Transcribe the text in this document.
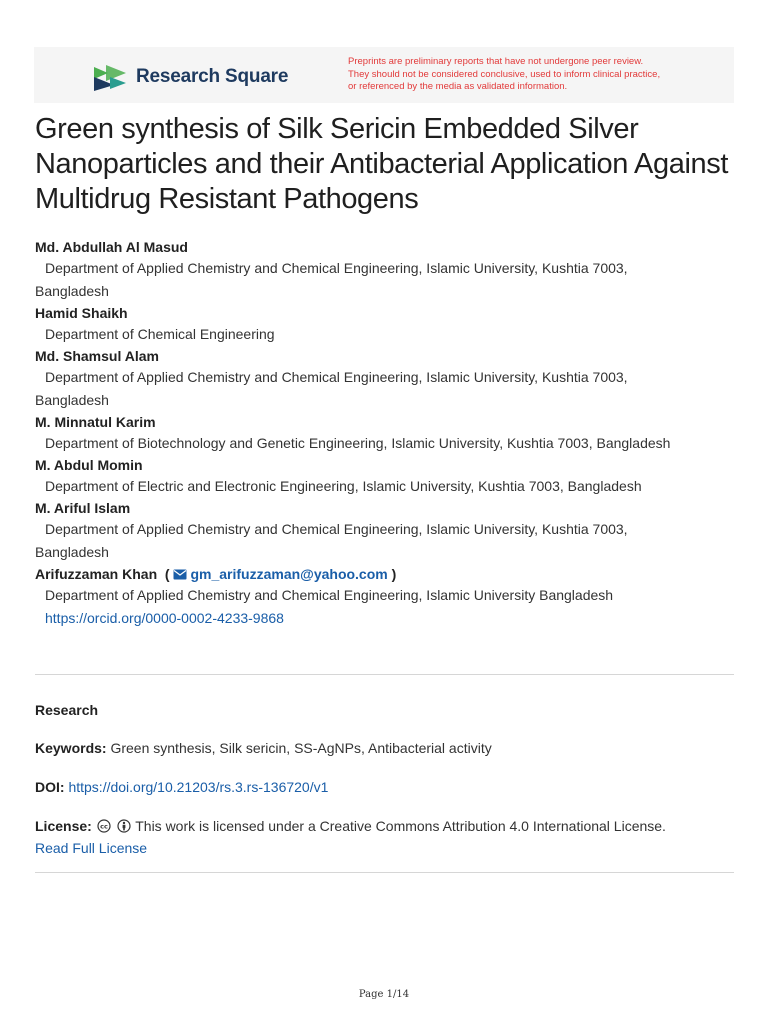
Research Square
Preprints are preliminary reports that have not undergone peer review.
They should not be considered conclusive, used to inform clinical practice,
or referenced by the media as validated information.
Green synthesis of Silk Sericin Embedded Silver Nanoparticles and their Antibacterial Application Against Multidrug Resistant Pathogens
Md. Abdullah Al Masud

Department of Applied Chemistry and Chemical Engineering, Islamic University, Kushtia 7003, Bangladesh

Hamid Shaikh

Department of Chemical Engineering

Md. Shamsul Alam

Department of Applied Chemistry and Chemical Engineering, Islamic University, Kushtia 7003, Bangladesh

M. Minnatul Karim

Department of Biotechnology and Genetic Engineering, Islamic University, Kushtia 7003, Bangladesh

M. Abdul Momin

Department of Electric and Electronic Engineering, Islamic University, Kushtia 7003, Bangladesh

M. Ariful Islam

Department of Applied Chemistry and Chemical Engineering, Islamic University, Kushtia 7003, Bangladesh

Arifuzzaman Khan ( gm_arifuzzaman@yahoo.com )

Department of Applied Chemistry and Chemical Engineering, Islamic University Bangladesh

https://orcid.org/0000-0002-4233-9868
Research
Keywords: Green synthesis, Silk sericin, SS-AgNPs, Antibacterial activity
DOI: https://doi.org/10.21203/rs.3.rs-136720/v1
License: cc This work is licensed under a Creative Commons Attribution 4.0 International License.
Read Full License
Page 1/14
